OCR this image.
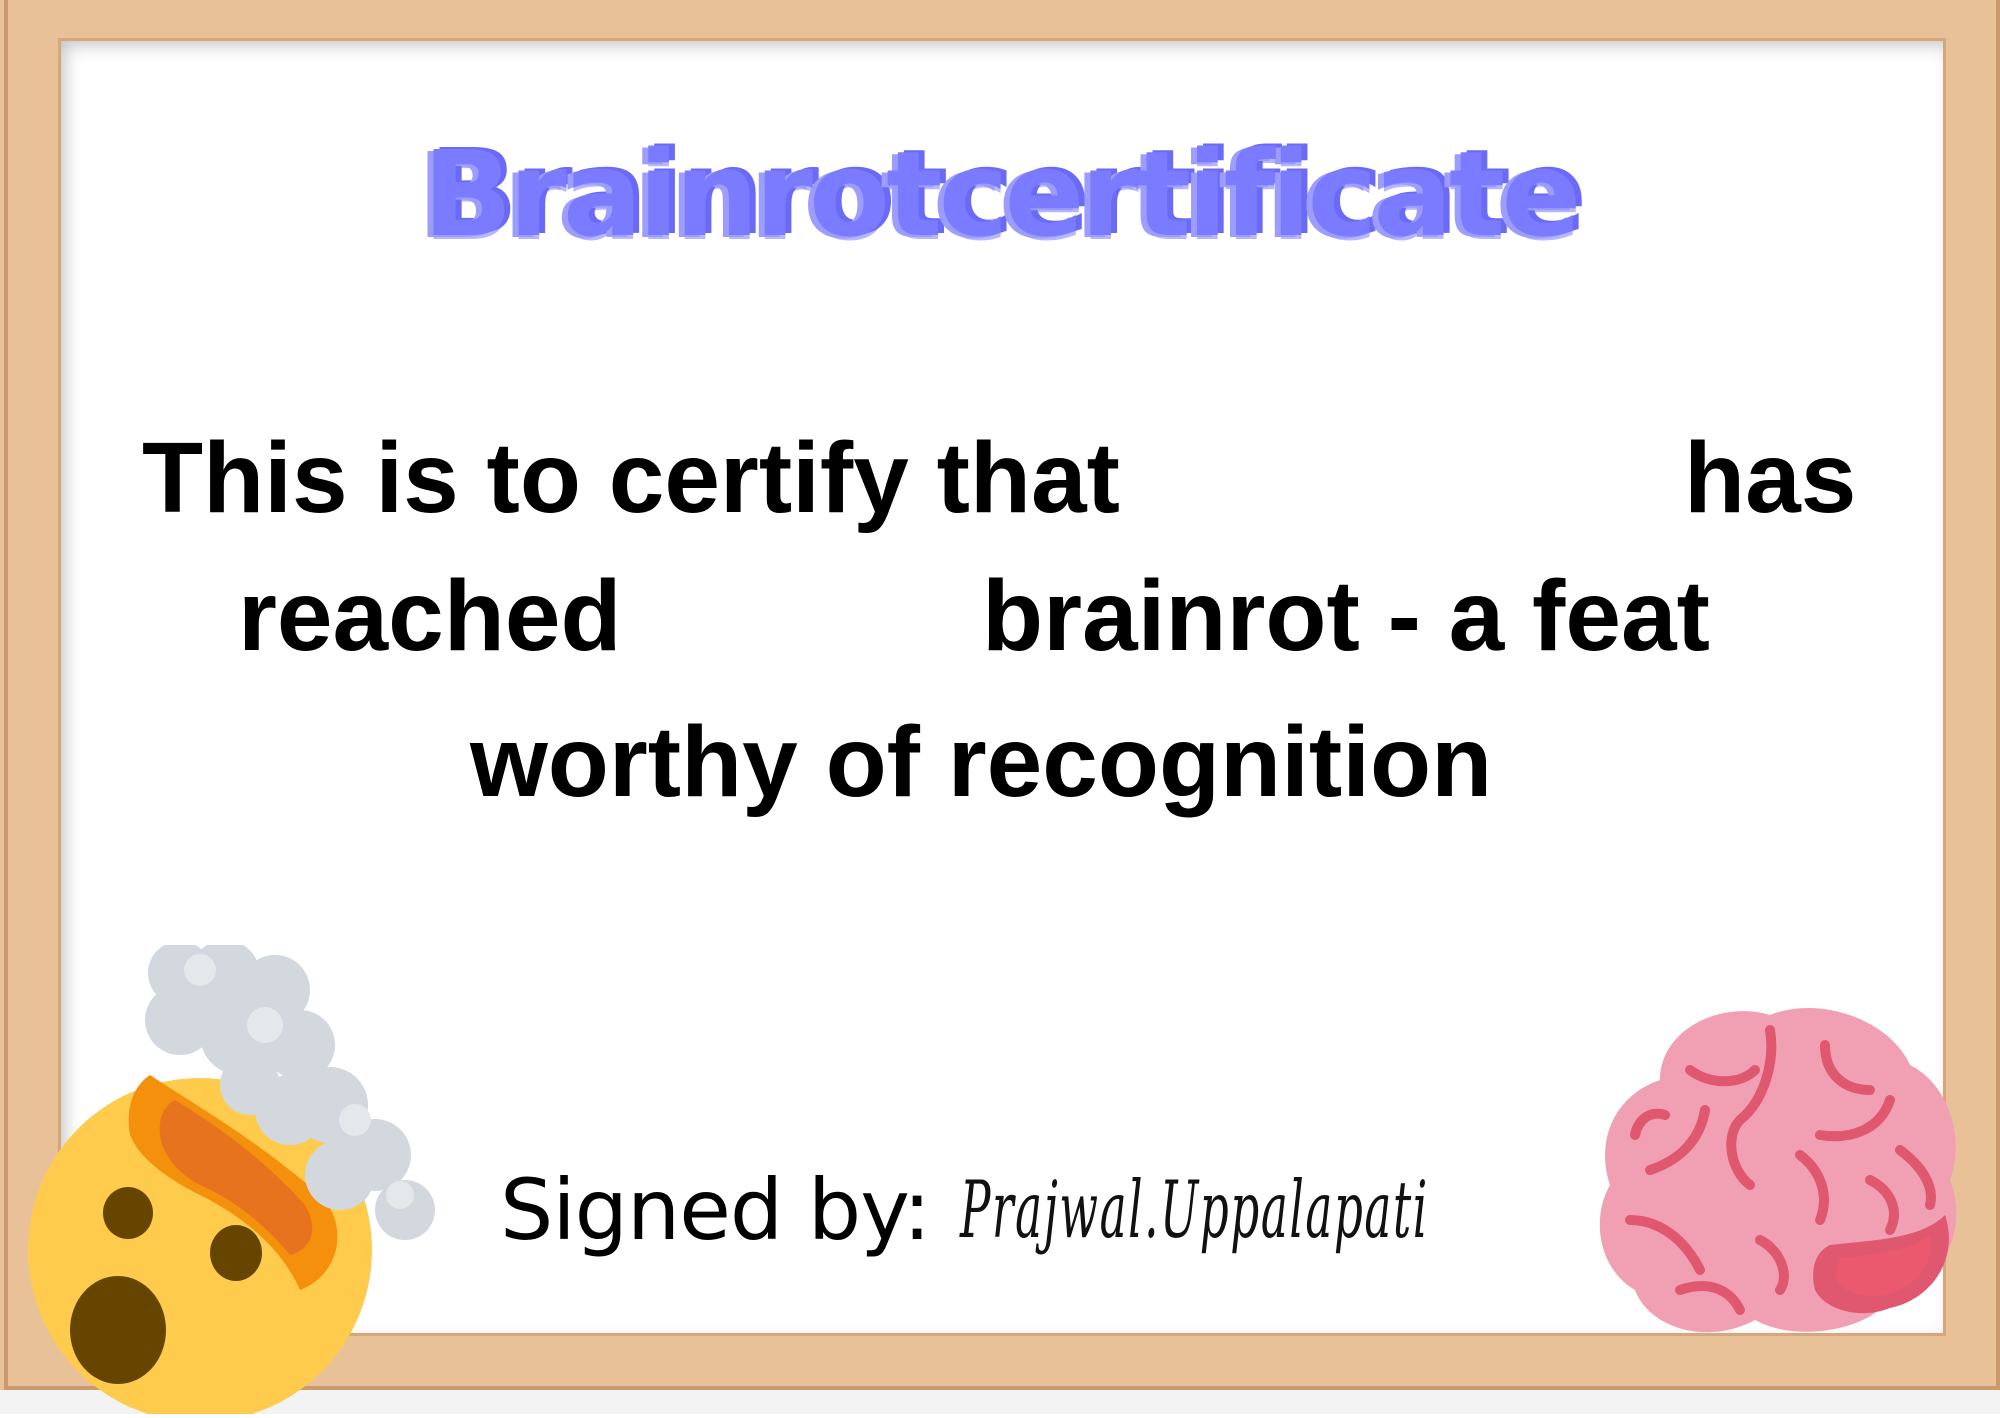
Brainrotcertificate
This is to certify that	has
reached	brainrot - a feat
worthy of recognition
Signed by: Prajwal.Uppalapati
